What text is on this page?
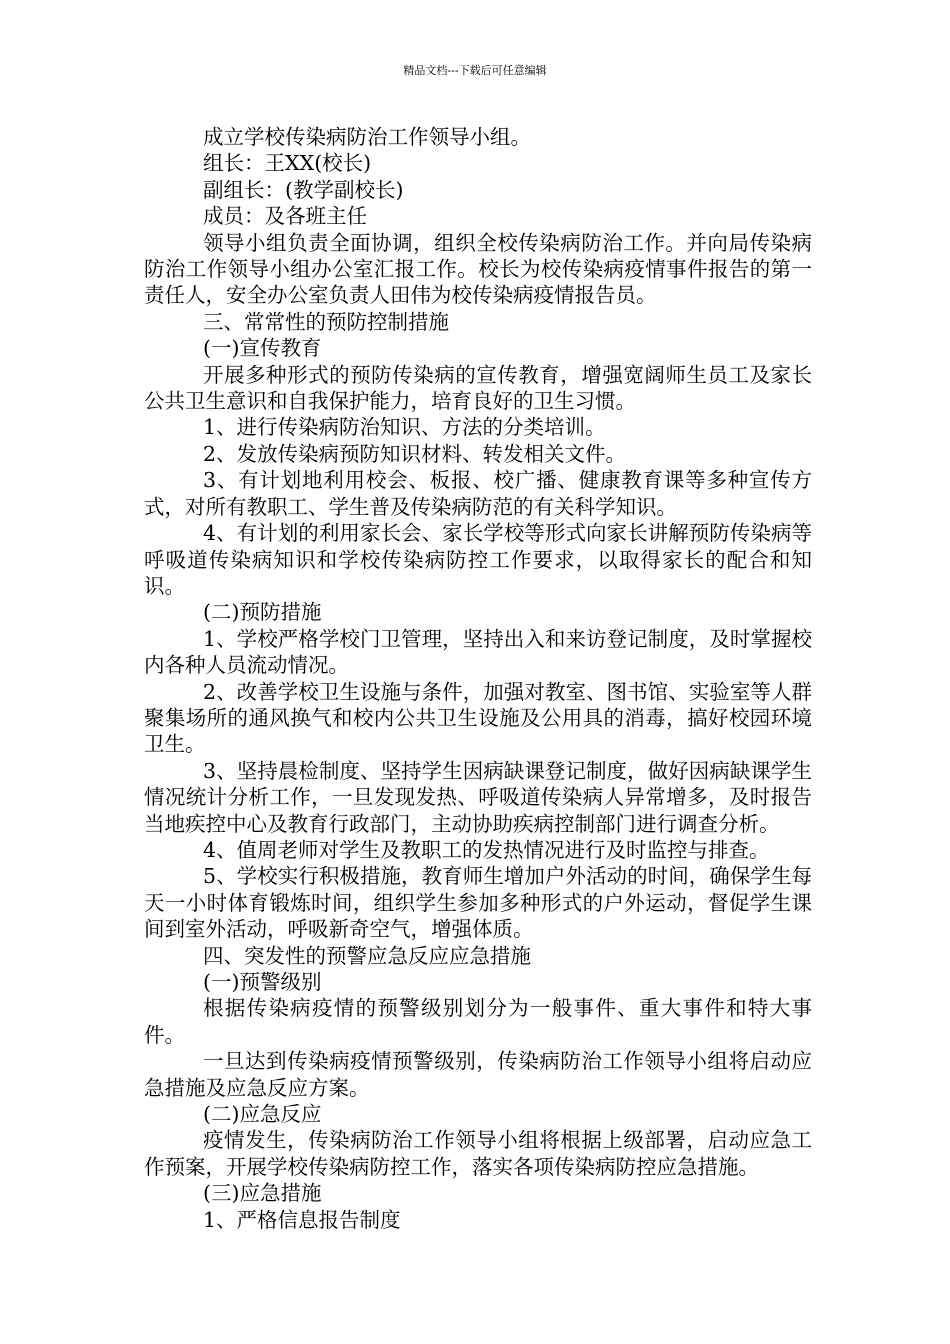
精品文档---下载后可任意编辑

成立学校传染病防治工作领导小组。

组长：王XX(校长)

副组长：(教学副校长)

成员：及各班主任

领导小组负责全面协调，组织全校传染病防治工作。并向局传染病防治工作领导小组办公室汇报工作。校长为校传染病疫情事件报告的第一责任人，安全办公室负责人田伟为校传染病疫情报告员。

三、常常性的预防控制措施

(一)宣传教育

开展多种形式的预防传染病的宣传教育，增强宽阔师生员工及家长公共卫生意识和自我保护能力，培育良好的卫生习惯。

1、进行传染病防治知识、方法的分类培训。

2、发放传染病预防知识材料、转发相关文件。

3、有计划地利用校会、板报、校广播、健康教育课等多种宣传方式，对所有教职工、学生普及传染病防范的有关科学知识。

4、有计划的利用家长会、家长学校等形式向家长讲解预防传染病等呼吸道传染病知识和学校传染病防控工作要求，以取得家长的配合和知识。

(二)预防措施

1、学校严格学校门卫管理，坚持出入和来访登记制度，及时掌握校内各种人员流动情况。

2、改善学校卫生设施与条件，加强对教室、图书馆、实验室等人群聚集场所的通风换气和校内公共卫生设施及公用具的消毒，搞好校园环境卫生。

3、坚持晨检制度、坚持学生因病缺课登记制度，做好因病缺课学生情况统计分析工作，一旦发现发热、呼吸道传染病人异常增多，及时报告当地疾控中心及教育行政部门，主动协助疾病控制部门进行调查分析。

4、值周老师对学生及教职工的发热情况进行及时监控与排查。

5、学校实行积极措施，教育师生增加户外活动的时间，确保学生每天一小时体育锻炼时间，组织学生参加多种形式的户外运动，督促学生课间到室外活动，呼吸新奇空气，增强体质。

四、突发性的预警应急反应应急措施

(一)预警级别

根据传染病疫情的预警级别划分为一般事件、重大事件和特大事件。

一旦达到传染病疫情预警级别，传染病防治工作领导小组将启动应急措施及应急反应方案。

(二)应急反应

疫情发生，传染病防治工作领导小组将根据上级部署，启动应急工作预案，开展学校传染病防控工作，落实各项传染病防控应急措施。

(三)应急措施

1、严格信息报告制度
